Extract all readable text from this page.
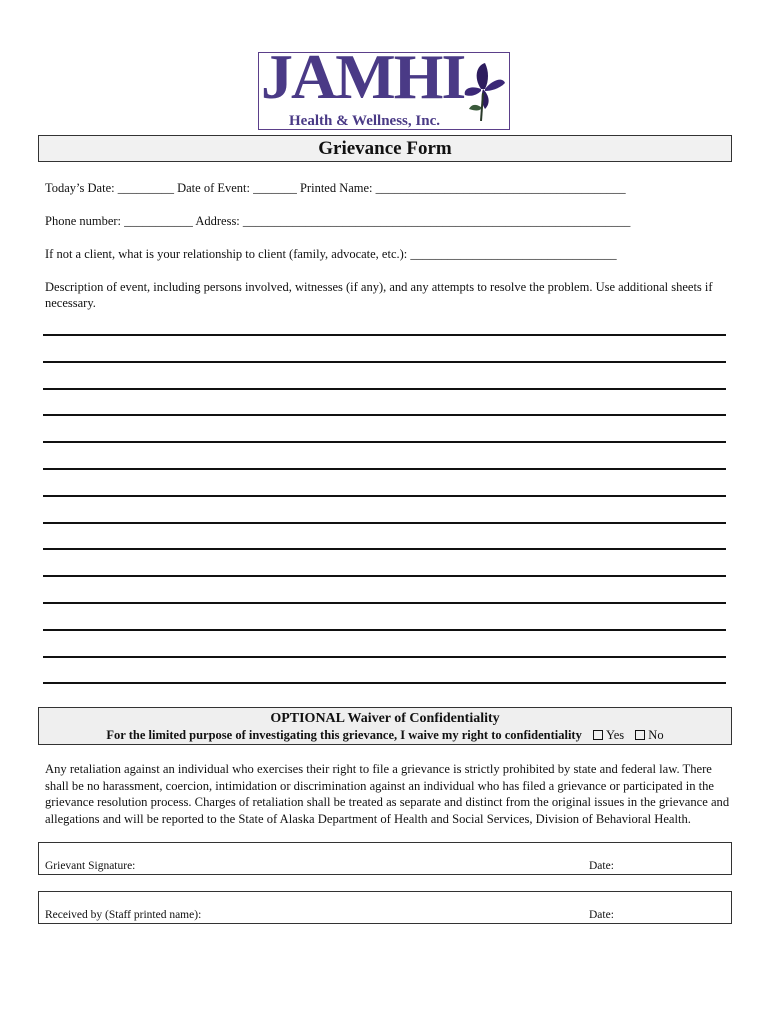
JAMHI
Health & Wellness, Inc.
Grievance Form
Today’s Date: _________ Date of Event: _______ Printed Name: ________________________________________
Phone number: ___________ Address: ______________________________________________________________
If not a client, what is your relationship to client (family, advocate, etc.): _________________________________
Description of event, including persons involved, witnesses (if any), and any attempts to resolve the problem. Use additional sheets if necessary.
OPTIONAL Waiver of Confidentiality
For the limited purpose of investigating this grievance, I waive my right to confidentiality Yes No
Any retaliation against an individual who exercises their right to file a grievance is strictly prohibited by state and federal law. There shall be no harassment, coercion, intimidation or discrimination against an individual who has filed a grievance or participated in the grievance resolution process. Charges of retaliation shall be treated as separate and distinct from the original issues in the grievance and allegations and will be reported to the State of Alaska Department of Health and Social Services, Division of Behavioral Health.
Grievant Signature:	Date:
Received by (Staff printed name):	Date:
